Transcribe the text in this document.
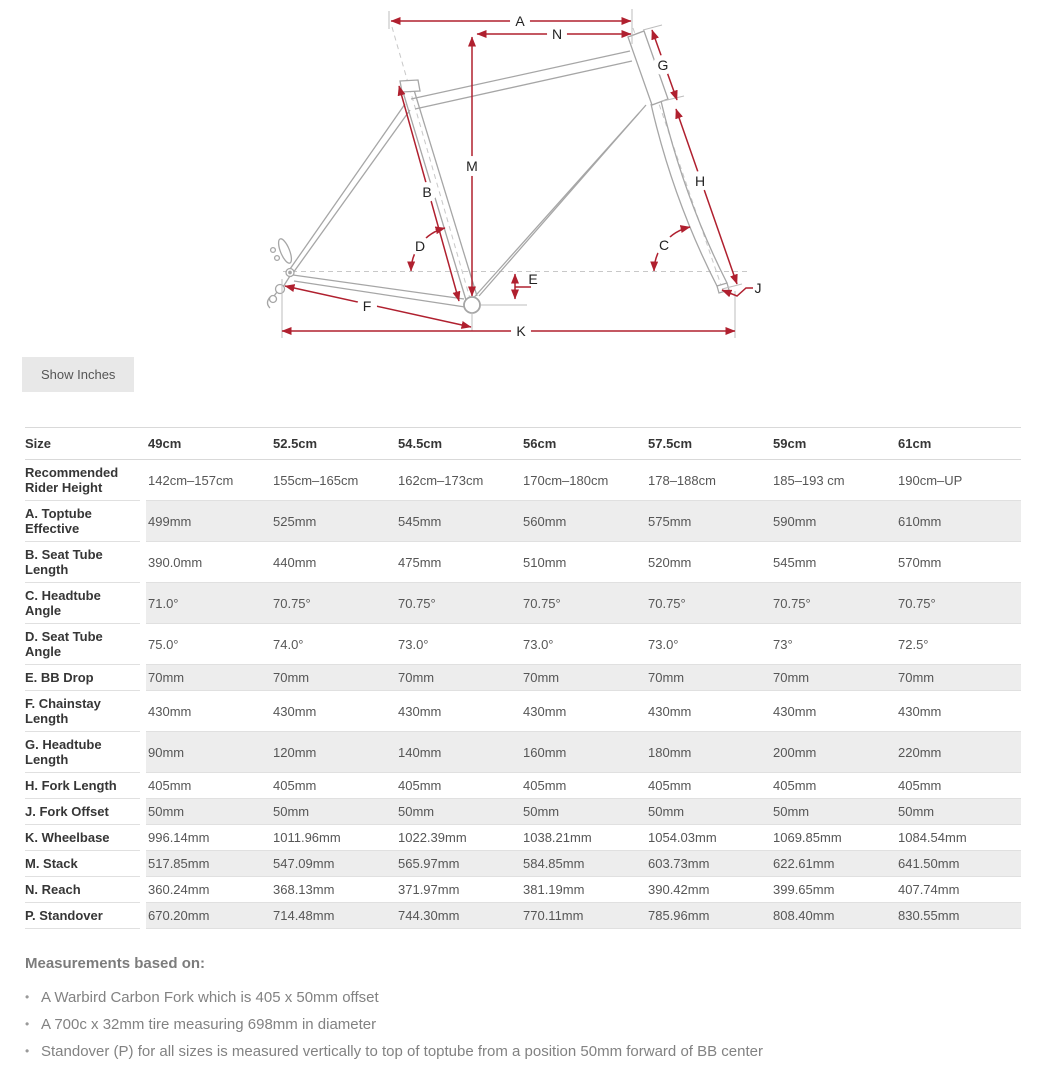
A
N
G
M
B
H
D	C
E
J
F
K
Show Inches
Size		49cm	52.5cm	54.5cm	56cm	57.5cm	59cm	61cm
Recommended Rider Height		142cm–157cm	155cm–165cm	162cm–173cm	170cm–180cm	178–188cm	185–193 cm	190cm–UP
A. Toptube Effective		499mm	525mm	545mm	560mm	575mm	590mm	610mm
B. Seat Tube Length		390.0mm	440mm	475mm	510mm	520mm	545mm	570mm
C. Headtube Angle		71.0°	70.75°	70.75°	70.75°	70.75°	70.75°	70.75°
D. Seat Tube Angle		75.0°	74.0°	73.0°	73.0°	73.0°	73°	72.5°
E. BB Drop		70mm	70mm	70mm	70mm	70mm	70mm	70mm
F. Chainstay Length		430mm	430mm	430mm	430mm	430mm	430mm	430mm
G. Headtube Length		90mm	120mm	140mm	160mm	180mm	200mm	220mm
H. Fork Length		405mm	405mm	405mm	405mm	405mm	405mm	405mm
J. Fork Offset		50mm	50mm	50mm	50mm	50mm	50mm	50mm
K. Wheelbase		996.14mm	1011.96mm	1022.39mm	1038.21mm	1054.03mm	1069.85mm	1084.54mm
M. Stack		517.85mm	547.09mm	565.97mm	584.85mm	603.73mm	622.61mm	641.50mm
N. Reach		360.24mm	368.13mm	371.97mm	381.19mm	390.42mm	399.65mm	407.74mm
P. Standover		670.20mm	714.48mm	744.30mm	770.11mm	785.96mm	808.40mm	830.55mm

Measurements based on:

• A Warbird Carbon Fork which is 405 x 50mm offset
• A 700c x 32mm tire measuring 698mm in diameter
• Standover (P) for all sizes is measured vertically to top of toptube from a position 50mm forward of BB center
